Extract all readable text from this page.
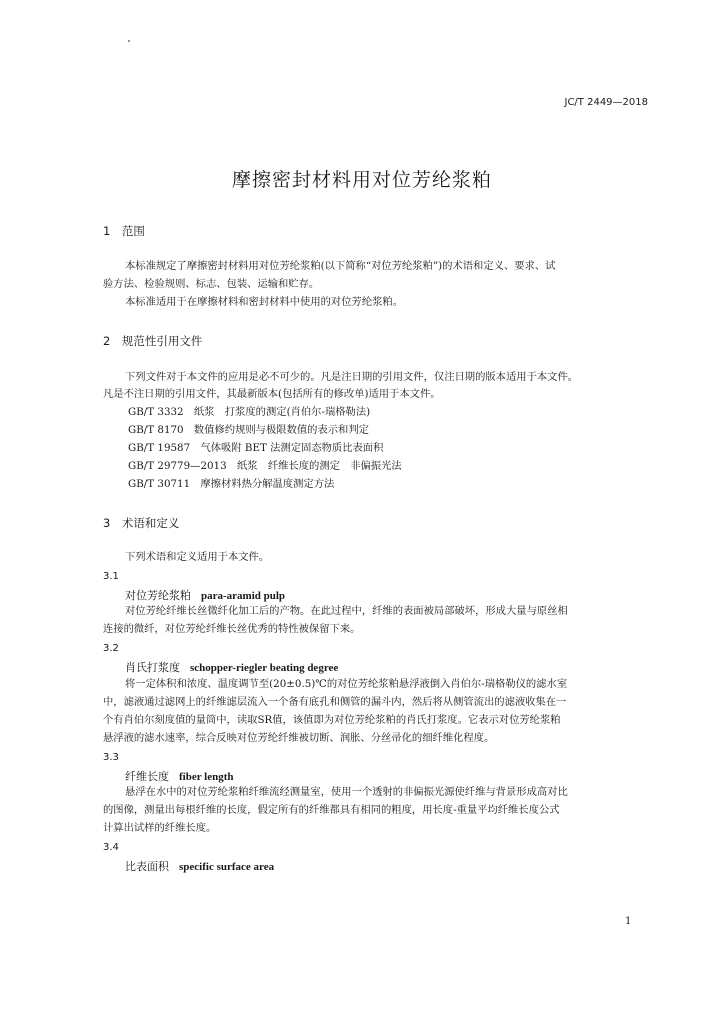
JC/T 2449—2018
摩擦密封材料用对位芳纶浆粕
1　范围
本标准规定了摩擦密封材料用对位芳纶浆粕(以下简称“对位芳纶浆粕”)的术语和定义、要求、试
验方法、检验规则、标志、包装、运输和贮存。
本标准适用于在摩擦材料和密封材料中使用的对位芳纶浆粕。
2　规范性引用文件
下列文件对于本文件的应用是必不可少的。凡是注日期的引用文件，仅注日期的版本适用于本文件。
凡是不注日期的引用文件，其最新版本(包括所有的修改单)适用于本文件。
GB/T 3332　纸浆　打浆度的测定(肖伯尔-瑞格勒法)
GB/T 8170　数值修约规则与极限数值的表示和判定
GB/T 19587　气体吸附 BET 法测定固态物质比表面积
GB/T 29779—2013　纸浆　纤维长度的测定　非偏振光法
GB/T 30711　摩擦材料热分解温度测定方法
3　术语和定义
下列术语和定义适用于本文件。
3.1
对位芳纶浆粕 para-aramid pulp
对位芳纶纤维长丝微纤化加工后的产物。在此过程中，纤维的表面被局部破坏，形成大量与原丝相
连接的微纤，对位芳纶纤维长丝优秀的特性被保留下来。
3.2
肖氏打浆度 schopper-riegler beating degree
将一定体积和浓度、温度调节至(20±0.5)℃的对位芳纶浆粕悬浮液倒入肖伯尔-瑞格勒仪的滤水室
中，滤液通过滤网上的纤维滤层流入一个备有底孔和侧管的漏斗内，然后将从侧管流出的滤液收集在一
个有肖伯尔刻度值的量筒中，读取SR值，该值即为对位芳纶浆粕的肖氏打浆度。它表示对位芳纶浆粕
悬浮液的滤水速率，综合反映对位芳纶纤维被切断、润胀、分丝帚化的细纤维化程度。
3.3
纤维长度 fiber length
悬浮在水中的对位芳纶浆粕纤维流经测量室，使用一个透射的非偏振光源使纤维与背景形成高对比
的图像，测量出每根纤维的长度，假定所有的纤维都具有相同的粗度，用长度-重量平均纤维长度公式
计算出试样的纤维长度。
3.4
比表面积 specific surface area
1
